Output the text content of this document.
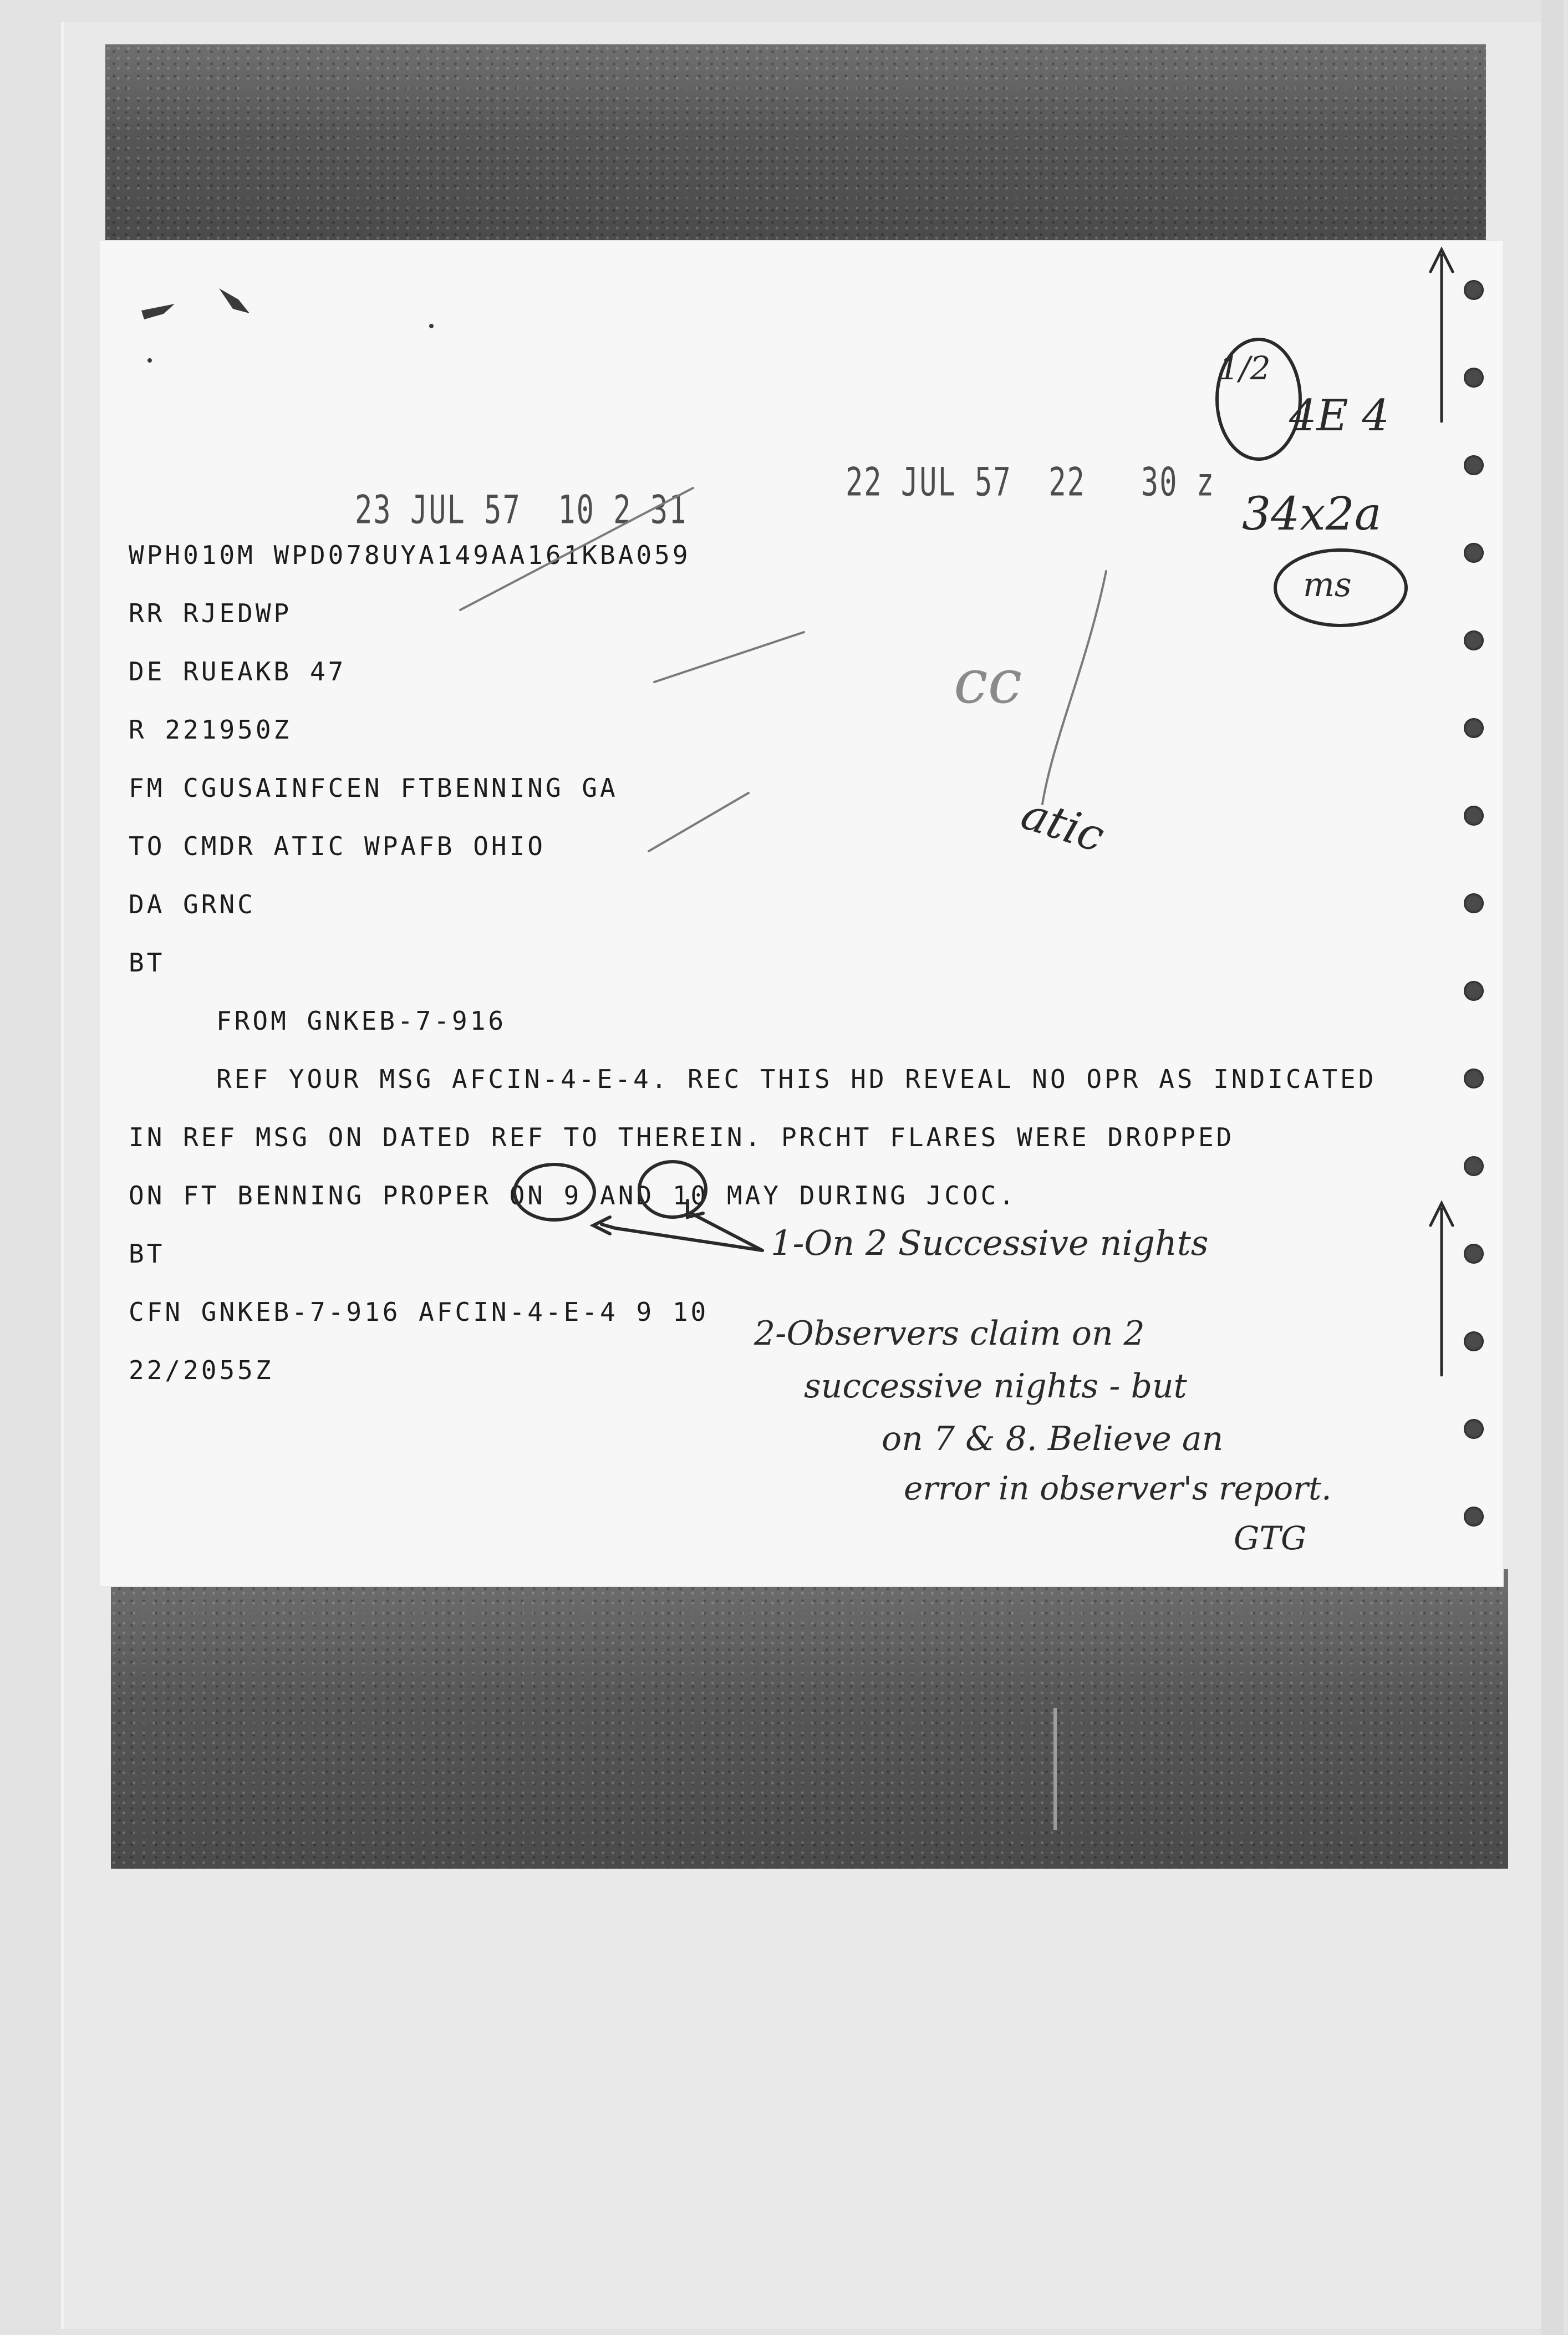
23 JUL 57  10 2 31
22 JUL 57  22   30 z
WPH010M WPD078UYA149AA161KBA059
RR RJEDWP
DE RUEAKB 47
R 221950Z
FM CGUSAINFCEN FTBENNING GA
TO CMDR ATIC WPAFB OHIO
DA GRNC
BT
FROM GNKEB-7-916
REF YOUR MSG AFCIN-4-E-4. REC THIS HD REVEAL NO OPR AS INDICATED
IN REF MSG ON DATED REF TO THEREIN. PRCHT FLARES WERE DROPPED
ON FT BENNING PROPER ON 9 AND 10 MAY DURING JCOC.
BT
CFN GNKEB-7-916 AFCIN-4-E-4 9 10
22/2055Z
1/2
4E 4
34x2a
ms
cc
atic
1-On 2 Successive nights
2-Observers claim on 2
successive nights - but
on 7 & 8. Believe an
error in observer's report.
GTG
